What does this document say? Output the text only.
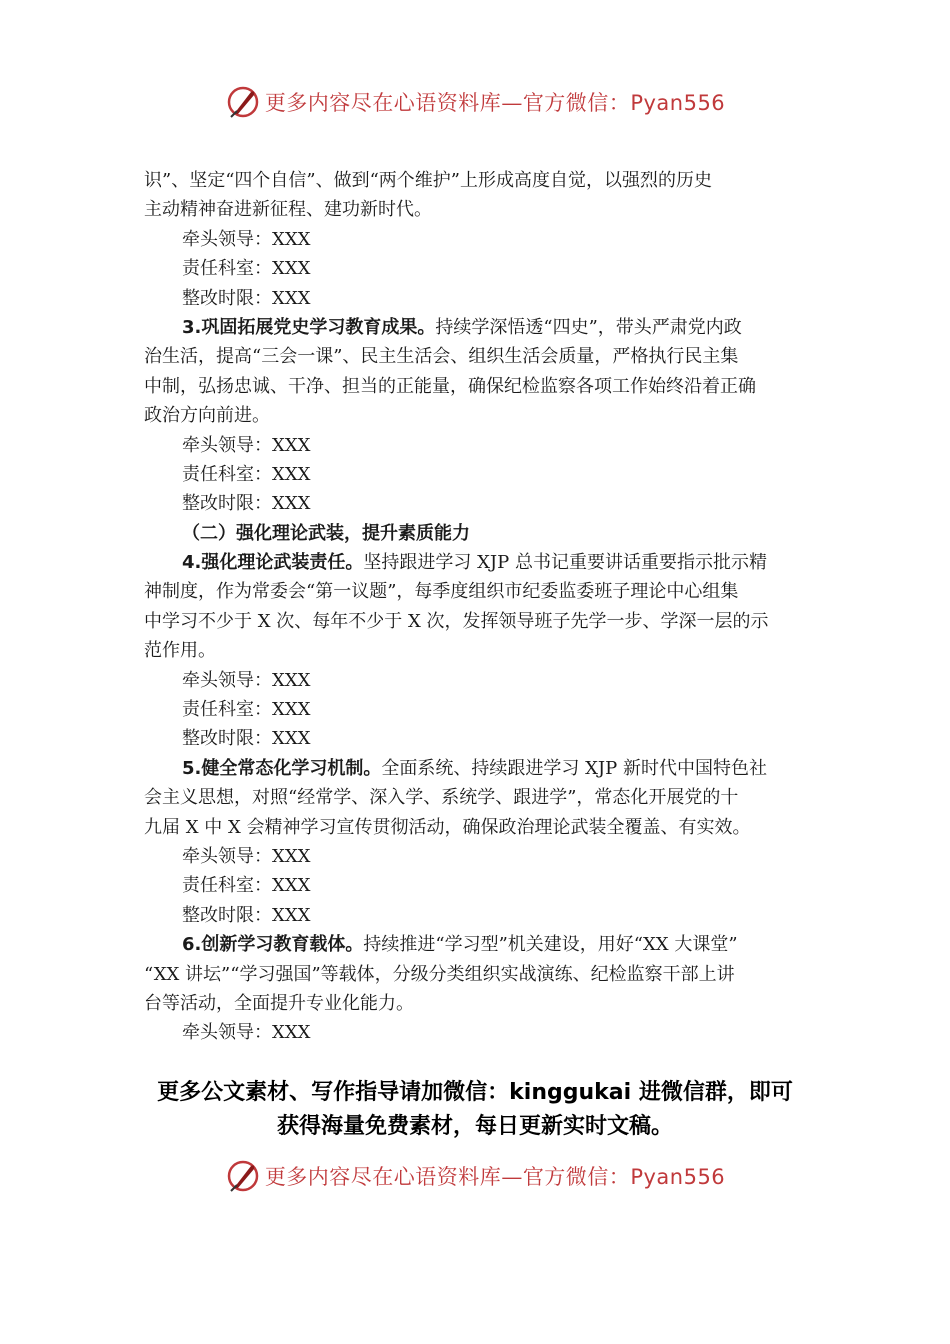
更多内容尽在心语资料库—官方微信：Pyan556
识”、坚定“四个自信”、做到“两个维护”上形成高度自觉，以强烈的历史
主动精神奋进新征程、建功新时代。
牵头领导：XXX
责任科室：XXX
整改时限：XXX
3.巩固拓展党史学习教育成果。持续学深悟透“四史”，带头严肃党内政
治生活，提高“三会一课”、民主生活会、组织生活会质量，严格执行民主集
中制，弘扬忠诚、干净、担当的正能量，确保纪检监察各项工作始终沿着正确
政治方向前进。
牵头领导：XXX
责任科室：XXX
整改时限：XXX
（二）强化理论武装，提升素质能力
4.强化理论武装责任。坚持跟进学习 XJP 总书记重要讲话重要指示批示精
神制度，作为常委会“第一议题”，每季度组织市纪委监委班子理论中心组集
中学习不少于 X 次、每年不少于 X 次，发挥领导班子先学一步、学深一层的示
范作用。
牵头领导：XXX
责任科室：XXX
整改时限：XXX
5.健全常态化学习机制。全面系统、持续跟进学习 XJP 新时代中国特色社
会主义思想，对照“经常学、深入学、系统学、跟进学”，常态化开展党的十
九届 X 中 X 会精神学习宣传贯彻活动，确保政治理论武装全覆盖、有实效。
牵头领导：XXX
责任科室：XXX
整改时限：XXX
6.创新学习教育载体。持续推进“学习型”机关建设，用好“XX 大课堂”
“XX 讲坛”“学习强国”等载体，分级分类组织实战演练、纪检监察干部上讲
台等活动，全面提升专业化能力。
牵头领导：XXX
更多公文素材、写作指导请加微信：kinggukai 进微信群，即可
获得海量免费素材，每日更新实时文稿。
更多内容尽在心语资料库—官方微信：Pyan556
